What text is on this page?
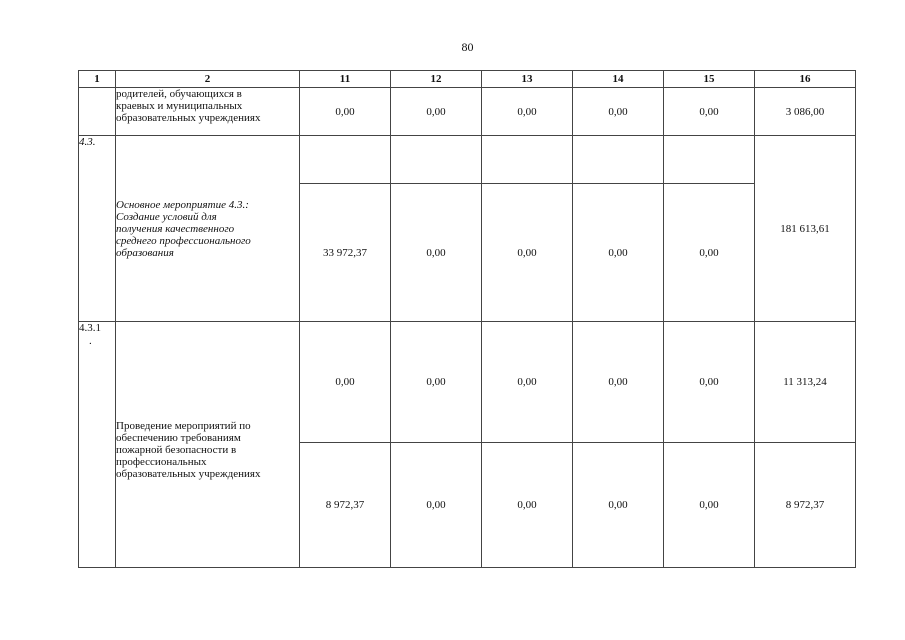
80
1	2	11	12	13	14	15	16

	родителей, обучающихся в
краевых и муниципальных
образовательных учреждениях	0,00	0,00	0,00	0,00	0,00	3 086,00
4.3.	Основное мероприятие 4.3.:
Создание условий для
получения качественного
среднего профессионального
образования						181 613,61
		33 972,37	0,00	0,00	0,00	0,00	

4.3.1
.	Проведение мероприятий по
обеспечению требованиям
пожарной безопасности в
профессиональных
образовательных учреждениях	0,00	0,00	0,00	0,00	0,00	11 313,24
		8 972,37	0,00	0,00	0,00	0,00	8 972,37
